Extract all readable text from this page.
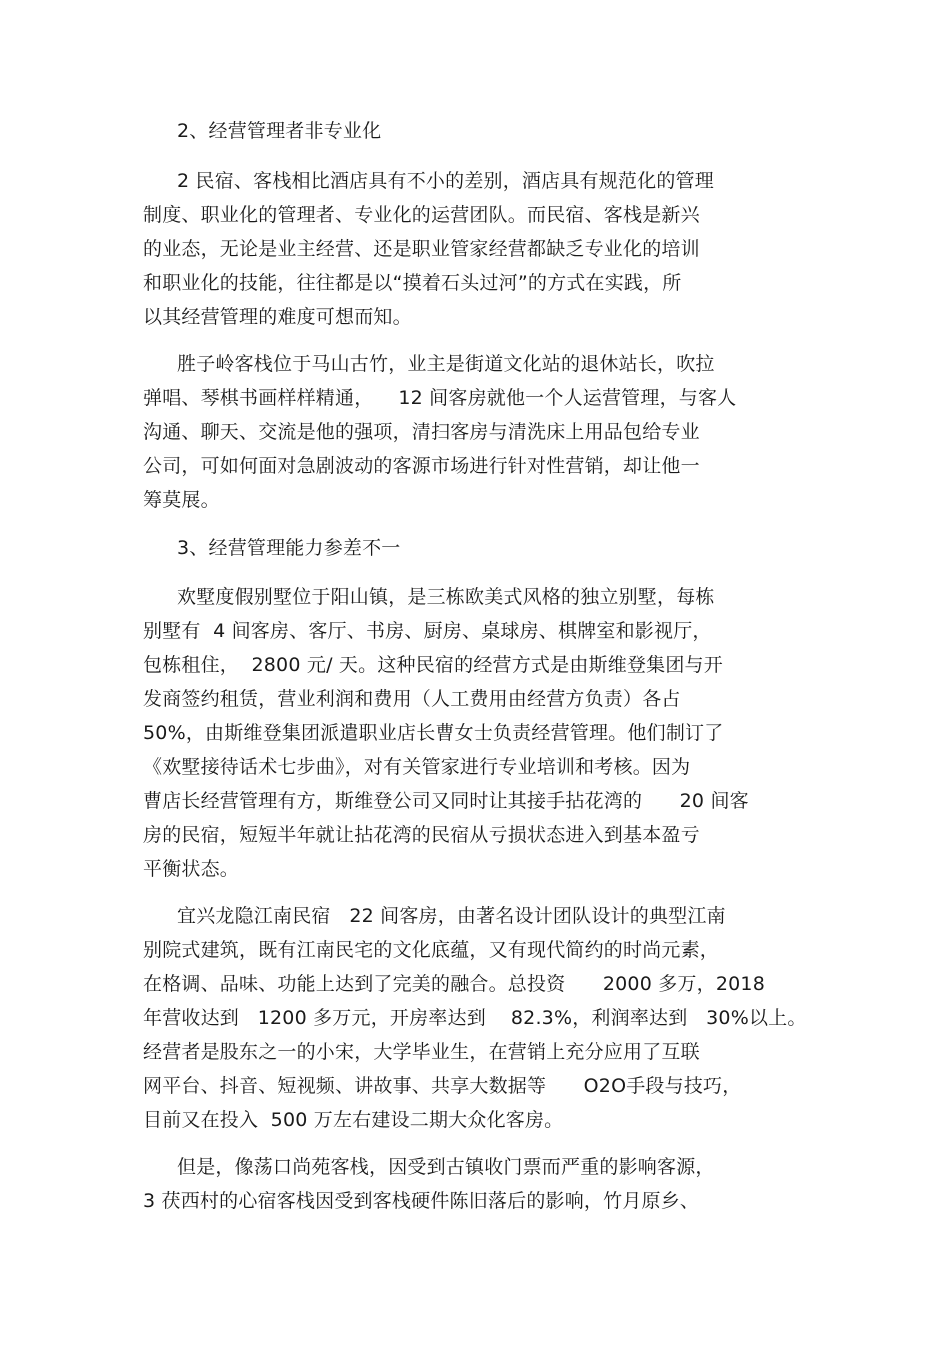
2、经营管理者非专业化
2 民宿、客栈相比酒店具有不小的差别，酒店具有规范化的管理
制度、职业化的管理者、专业化的运营团队。而民宿、客栈是新兴
的业态，无论是业主经营、还是职业管家经营都缺乏专业化的培训
和职业化的技能，往往都是以“摸着石头过河”的方式在实践，所
以其经营管理的难度可想而知。
胜子岭客栈位于马山古竹，业主是街道文化站的退休站长，吹拉
弹唱、琴棋书画样样精通，    12 间客房就他一个人运营管理，与客人
沟通、聊天、交流是他的强项，清扫客房与清洗床上用品包给专业
公司，可如何面对急剧波动的客源市场进行针对性营销，却让他一
筹莫展。
3、经营管理能力参差不一
欢墅度假别墅位于阳山镇，是三栋欧美式风格的独立别墅，每栋
别墅有  4 间客房、客厅、书房、厨房、桌球房、棋牌室和影视厅，
包栋租住，  2800 元/ 天。这种民宿的经营方式是由斯维登集团与开
发商签约租赁，营业利润和费用（人工费用由经营方负责）各占
50%，由斯维登集团派遣职业店长曹女士负责经营管理。他们制订了
《欢墅接待话术七步曲》，对有关管家进行专业培训和考核。因为
曹店长经营管理有方，斯维登公司又同时让其接手拈花湾的      20 间客
房的民宿，短短半年就让拈花湾的民宿从亏损状态进入到基本盈亏
平衡状态。
宜兴龙隐江南民宿   22 间客房，由著名设计团队设计的典型江南
别院式建筑，既有江南民宅的文化底蕴，又有现代简约的时尚元素，
在格调、品味、功能上达到了完美的融合。总投资      2000 多万，2018
年营收达到   1200 多万元，开房率达到    82.3%，利润率达到   30%以上。
经营者是股东之一的小宋，大学毕业生，在营销上充分应用了互联
网平台、抖音、短视频、讲故事、共享大数据等      O2O手段与技巧，
目前又在投入  500 万左右建设二期大众化客房。
但是，像荡口尚苑客栈，因受到古镇收门票而严重的影响客源，
3 茯西村的心宿客栈因受到客栈硬件陈旧落后的影响，竹月原乡、
